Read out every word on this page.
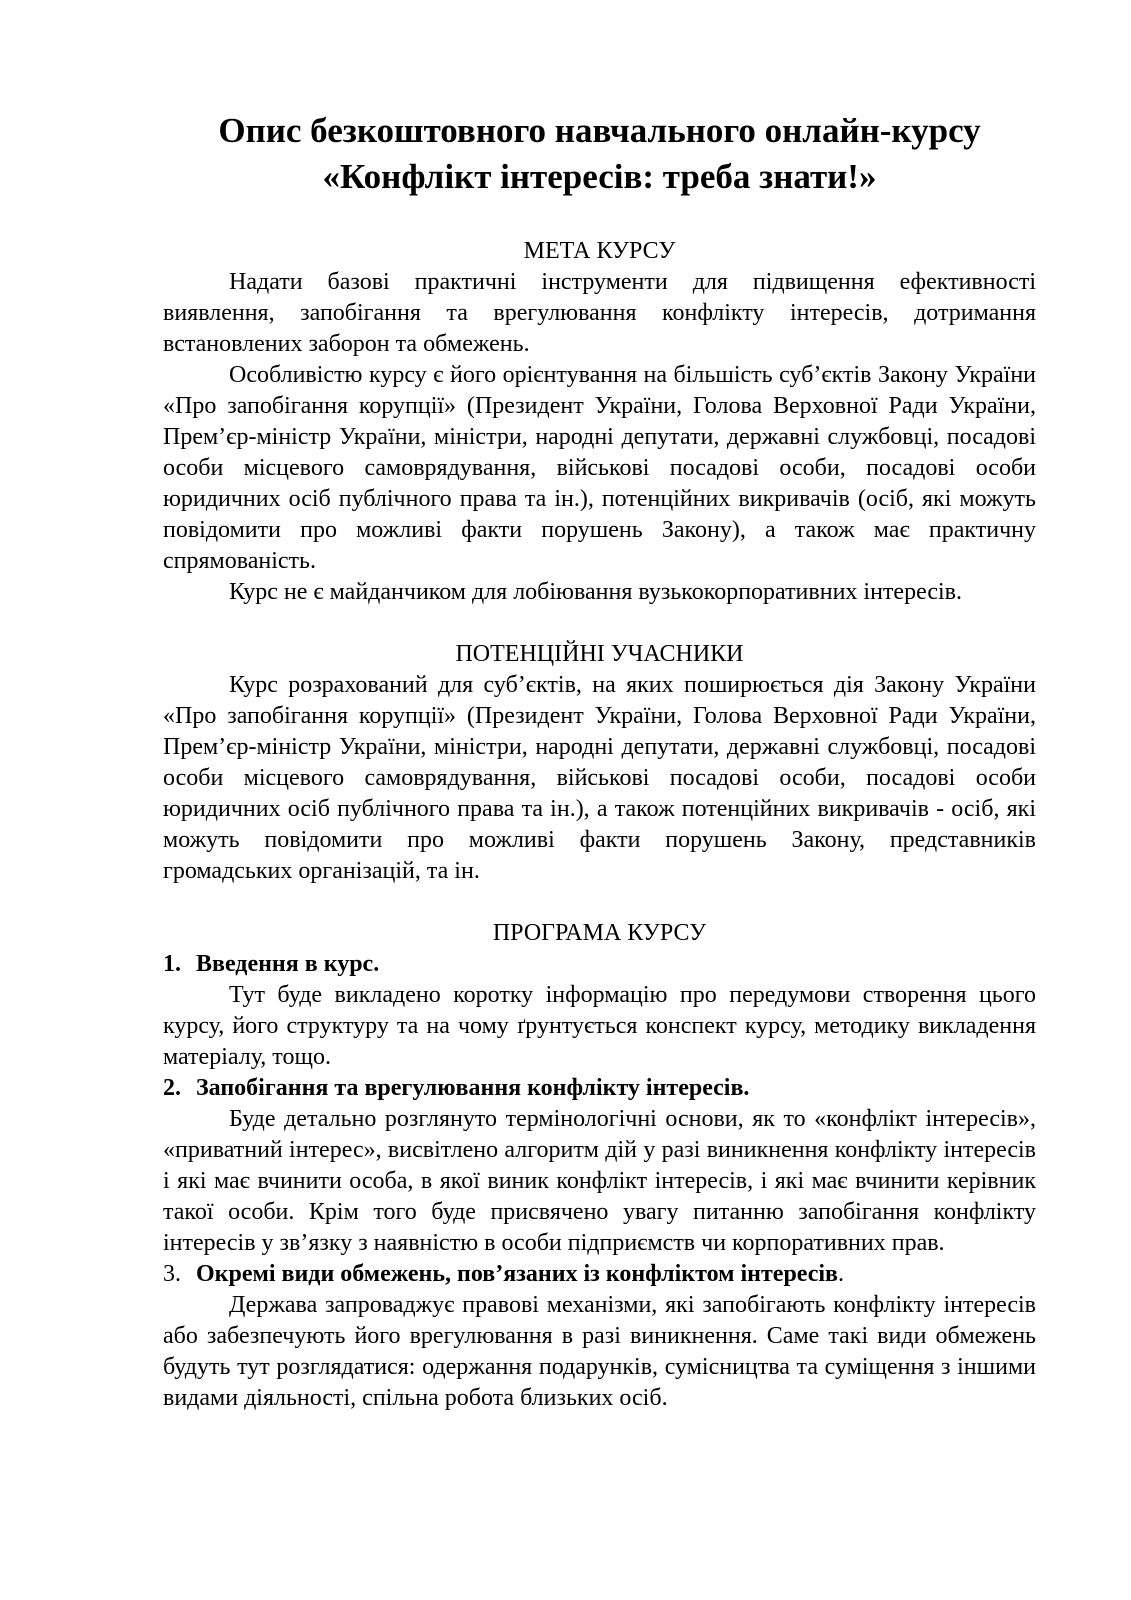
Опис безкоштовного навчального онлайн-курсу
«Конфлікт інтересів: треба знати!»
МЕТА КУРСУ

Надати базові практичні інструменти для підвищення ефективності виявлення, запобігання та врегулювання конфлікту інтересів, дотримання встановлених заборон та обмежень.

Особливістю курсу є його орієнтування на більшість суб’єктів Закону України «Про запобігання корупції» (Президент України, Голова Верховної Ради України, Прем’єр-міністр України, міністри, народні депутати, державні службовці, посадові особи місцевого самоврядування, військові посадові особи, посадові особи юридичних осіб публічного права та ін.), потенційних викривачів (осіб, які можуть повідомити про можливі факти порушень Закону), а також має практичну спрямованість.

Курс не є майданчиком для лобіювання вузькокорпоративних інтересів.

ПОТЕНЦІЙНІ УЧАСНИКИ

Курс розрахований для суб’єктів, на яких поширюється дія Закону України «Про запобігання корупції» (Президент України, Голова Верховної Ради України, Прем’єр-міністр України, міністри, народні депутати, державні службовці, посадові особи місцевого самоврядування, військові посадові особи, посадові особи юридичних осіб публічного права та ін.), а також потенційних викривачів - осіб, які можуть повідомити про можливі факти порушень Закону, представників громадських організацій, та ін.

ПРОГРАМА КУРСУ
1. Введення в курс.

Тут буде викладено коротку інформацію про передумови створення цього курсу, його структуру та на чому ґрунтується конспект курсу, методику викладення матеріалу, тощо.

2. Запобігання та врегулювання конфлікту інтересів.

Буде детально розглянуто термінологічні основи, як то «конфлікт інтересів», «приватний інтерес», висвітлено алгоритм дій у разі виникнення конфлікту інтересів і які має вчинити особа, в якої виник конфлікт інтересів, і які має вчинити керівник такої особи. Крім того буде присвячено увагу питанню запобігання конфлікту інтересів у зв’язку з наявністю в особи підприємств чи корпоративних прав.

3. Окремі види обмежень, пов’язаних із конфліктом інтересів.

Держава запроваджує правові механізми, які запобігають конфлікту інтересів або забезпечують його врегулювання в разі виникнення. Саме такі види обмежень будуть тут розглядатися: одержання подарунків, сумісництва та суміщення з іншими видами діяльності, спільна робота близьких осіб.
